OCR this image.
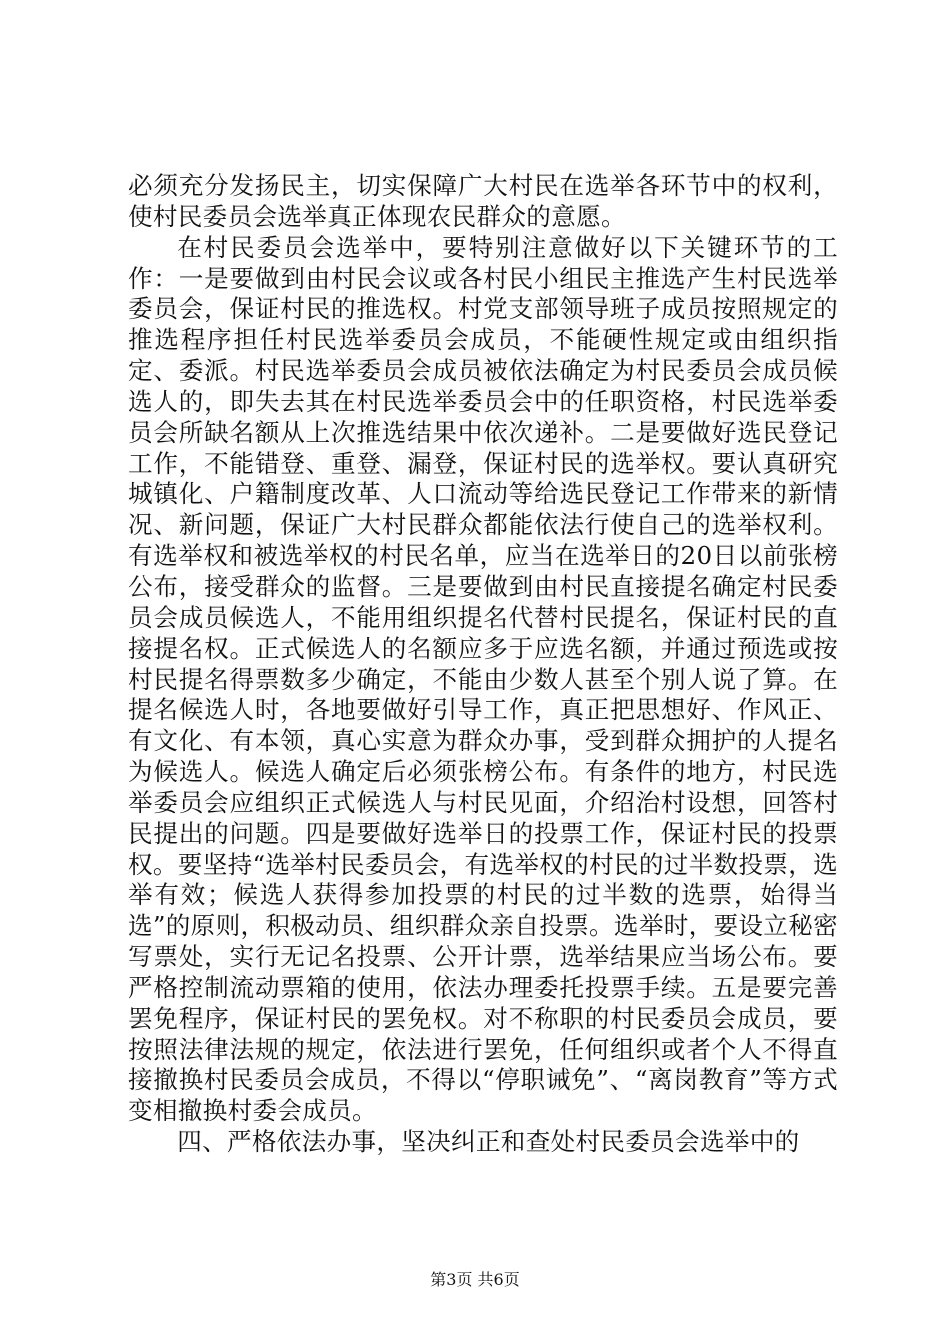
必须充分发扬民主，切实保障广大村民在选举各环节中的权利，使村民委员会选举真正体现农民群众的意愿。

在村民委员会选举中，要特别注意做好以下关键环节的工作：一是要做到由村民会议或各村民小组民主推选产生村民选举委员会，保证村民的推选权。村党支部领导班子成员按照规定的推选程序担任村民选举委员会成员，不能硬性规定或由组织指定、委派。村民选举委员会成员被依法确定为村民委员会成员候选人的，即失去其在村民选举委员会中的任职资格，村民选举委员会所缺名额从上次推选结果中依次递补。二是要做好选民登记工作，不能错登、重登、漏登，保证村民的选举权。要认真研究城镇化、户籍制度改革、人口流动等给选民登记工作带来的新情况、新问题，保证广大村民群众都能依法行使自己的选举权利。有选举权和被选举权的村民名单，应当在选举日的20日以前张榜公布，接受群众的监督。三是要做到由村民直接提名确定村民委员会成员候选人，不能用组织提名代替村民提名，保证村民的直接提名权。正式候选人的名额应多于应选名额，并通过预选或按村民提名得票数多少确定，不能由少数人甚至个别人说了算。在提名候选人时，各地要做好引导工作，真正把思想好、作风正、有文化、有本领，真心实意为群众办事，受到群众拥护的人提名为候选人。候选人确定后必须张榜公布。有条件的地方，村民选举委员会应组织正式候选人与村民见面，介绍治村设想，回答村民提出的问题。四是要做好选举日的投票工作，保证村民的投票权。要坚持“选举村民委员会，有选举权的村民的过半数投票，选举有效；候选人获得参加投票的村民的过半数的选票，始得当选”的原则，积极动员、组织群众亲自投票。选举时，要设立秘密写票处，实行无记名投票、公开计票，选举结果应当场公布。要严格控制流动票箱的使用，依法办理委托投票手续。五是要完善罢免程序，保证村民的罢免权。对不称职的村民委员会成员，要按照法律法规的规定，依法进行罢免，任何组织或者个人不得直接撤换村民委员会成员，不得以“停职诫免”、“离岗教育”等方式变相撤换村委会成员。

四、严格依法办事，坚决纠正和查处村民委员会选举中的

第3页 共6页
